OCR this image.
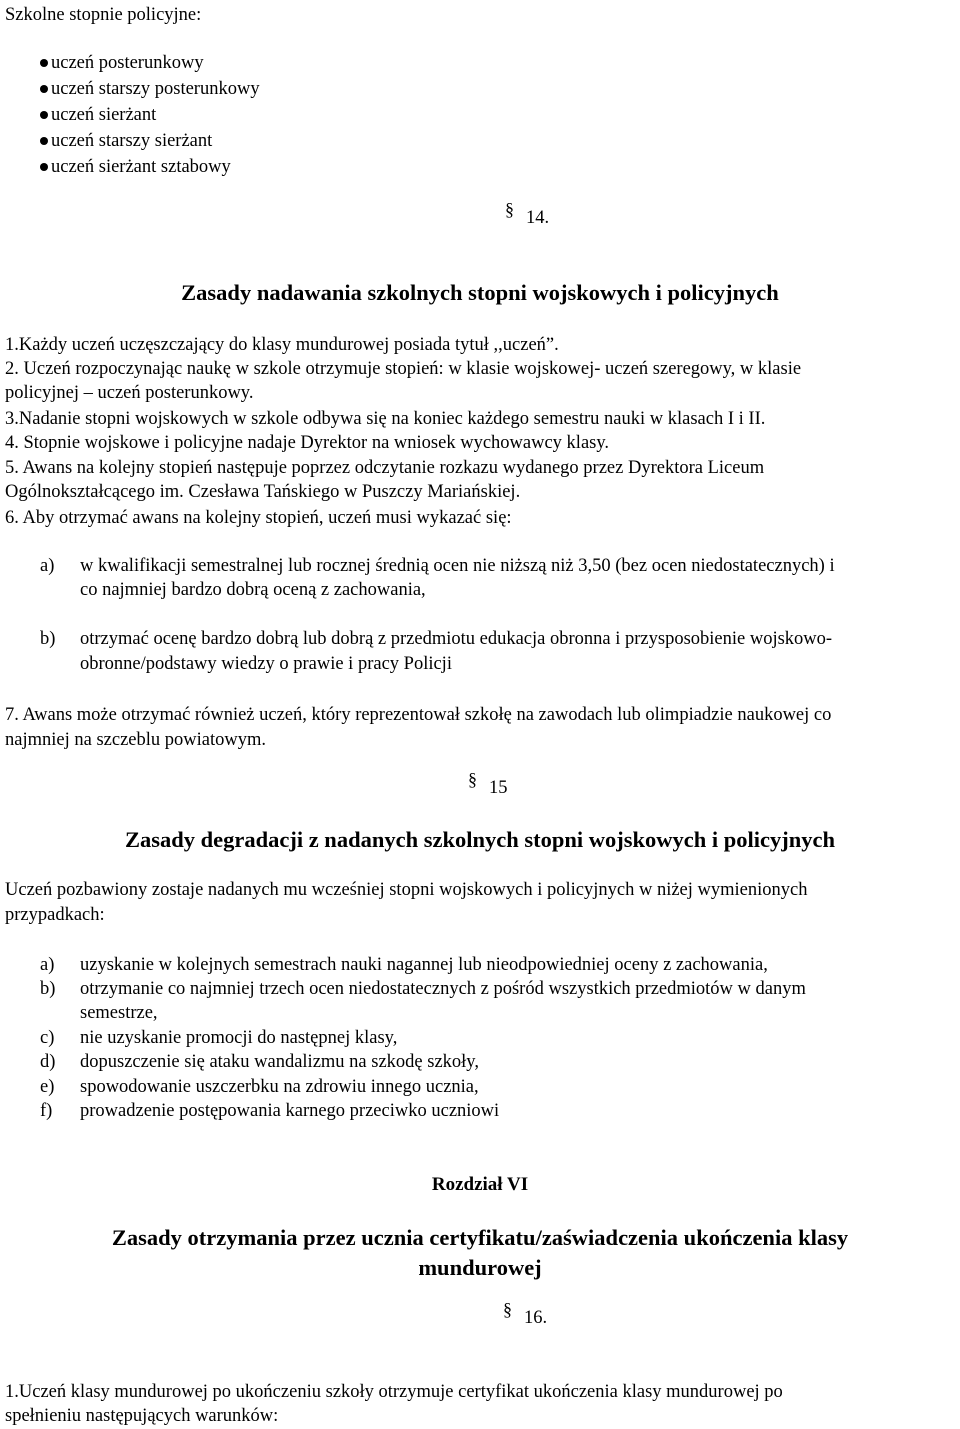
Szkolne stopnie policyjne:
uczeń posterunkowy
uczeń starszy posterunkowy
uczeń sierżant
uczeń starszy sierżant
uczeń sierżant sztabowy
§ 14.
Zasady nadawania szkolnych stopni wojskowych i policyjnych
1.Każdy uczeń uczęszczający do klasy mundurowej posiada tytuł ,,uczeń”.
2. Uczeń rozpoczynając naukę w szkole otrzymuje stopień: w klasie wojskowej- uczeń szeregowy, w klasie
policyjnej – uczeń posterunkowy.
3.Nadanie stopni wojskowych w szkole odbywa się na koniec każdego semestru nauki w klasach I i II.
4. Stopnie wojskowe i policyjne nadaje Dyrektor na wniosek wychowawcy klasy.
5. Awans na kolejny stopień następuje poprzez odczytanie rozkazu wydanego przez Dyrektora Liceum
Ogólnokształcącego im. Czesława Tańskiego w Puszczy Mariańskiej.
6. Aby otrzymać awans na kolejny stopień, uczeń musi wykazać się:
a) w kwalifikacji semestralnej lub rocznej średnią ocen nie niższą niż 3,50 (bez ocen niedostatecznych) i
co najmniej bardzo dobrą oceną z zachowania,
b) otrzymać ocenę bardzo dobrą lub dobrą z przedmiotu edukacja obronna i przysposobienie wojskowo-
obronne/podstawy wiedzy o prawie i pracy Policji
7. Awans może otrzymać również uczeń, który reprezentował szkołę na zawodach lub olimpiadzie naukowej co
najmniej na szczeblu powiatowym.
§ 15
Zasady degradacji z nadanych szkolnych stopni wojskowych i policyjnych
Uczeń pozbawiony zostaje nadanych mu wcześniej stopni wojskowych i policyjnych w niżej wymienionych
przypadkach:
a) uzyskanie w kolejnych semestrach nauki nagannej lub nieodpowiedniej oceny z zachowania,
b) otrzymanie co najmniej trzech ocen niedostatecznych z pośród wszystkich przedmiotów w danym
semestrze,
c) nie uzyskanie promocji do następnej klasy,
d) dopuszczenie się ataku wandalizmu na szkodę szkoły,
e) spowodowanie uszczerbku na zdrowiu innego ucznia,
f) prowadzenie postępowania karnego przeciwko uczniowi
Rozdział VI
Zasady otrzymania przez ucznia certyfikatu/zaświadczenia ukończenia klasy
mundurowej
§ 16.
1.Uczeń klasy mundurowej po ukończeniu szkoły otrzymuje certyfikat ukończenia klasy mundurowej po
spełnieniu następujących warunków:
